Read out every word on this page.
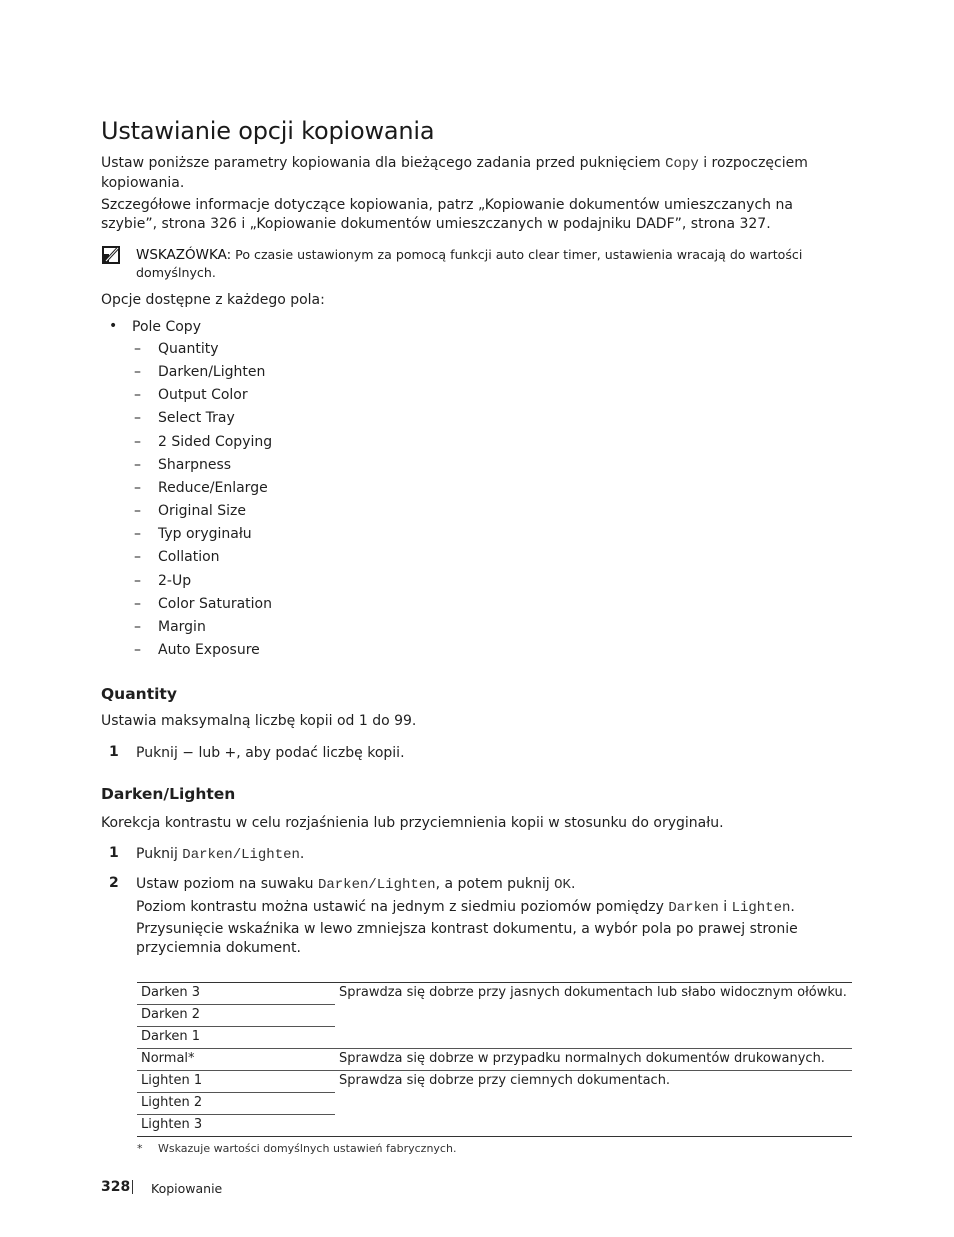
Ustawianie opcji kopiowania
Ustaw poniższe parametry kopiowania dla bieżącego zadania przed puknięciem Copy i rozpoczęciem
kopiowania.
Szczegółowe informacje dotyczące kopiowania, patrz „Kopiowanie dokumentów umieszczanych na
szybie”, strona 326 i „Kopiowanie dokumentów umieszczanych w podajniku DADF”, strona 327.
WSKAZÓWKA: Po czasie ustawionym za pomocą funkcji auto clear timer, ustawienia wracają do wartości
domyślnych.
Opcje dostępne z każdego pola:
• Pole Copy
– Quantity
– Darken/Lighten
– Output Color
– Select Tray
– 2 Sided Copying
– Sharpness
– Reduce/Enlarge
– Original Size
– Typ oryginału
– Collation
– 2-Up
– Color Saturation
– Margin
– Auto Exposure
Quantity
Ustawia maksymalną liczbę kopii od 1 do 99.
1 Puknij − lub +, aby podać liczbę kopii.
Darken/Lighten
Korekcja kontrastu w celu rozjaśnienia lub przyciemnienia kopii w stosunku do oryginału.
1 Puknij Darken/Lighten.
2 Ustaw poziom na suwaku Darken/Lighten, a potem puknij OK.
Poziom kontrastu można ustawić na jednym z siedmiu poziomów pomiędzy Darken i Lighten.
Przysunięcie wskaźnika w lewo zmniejsza kontrast dokumentu, a wybór pola po prawej stronie
przyciemnia dokument.
Darken 3	Sprawdza się dobrze przy jasnych dokumentach lub słabo widocznym ołówku.
Darken 2	
Darken 1	
Normal*	Sprawdza się dobrze w przypadku normalnych dokumentów drukowanych.
Lighten 1	Sprawdza się dobrze przy ciemnych dokumentach.
Lighten 2	
Lighten 3	
* Wskazuje wartości domyślnych ustawień fabrycznych.
328 Kopiowanie
